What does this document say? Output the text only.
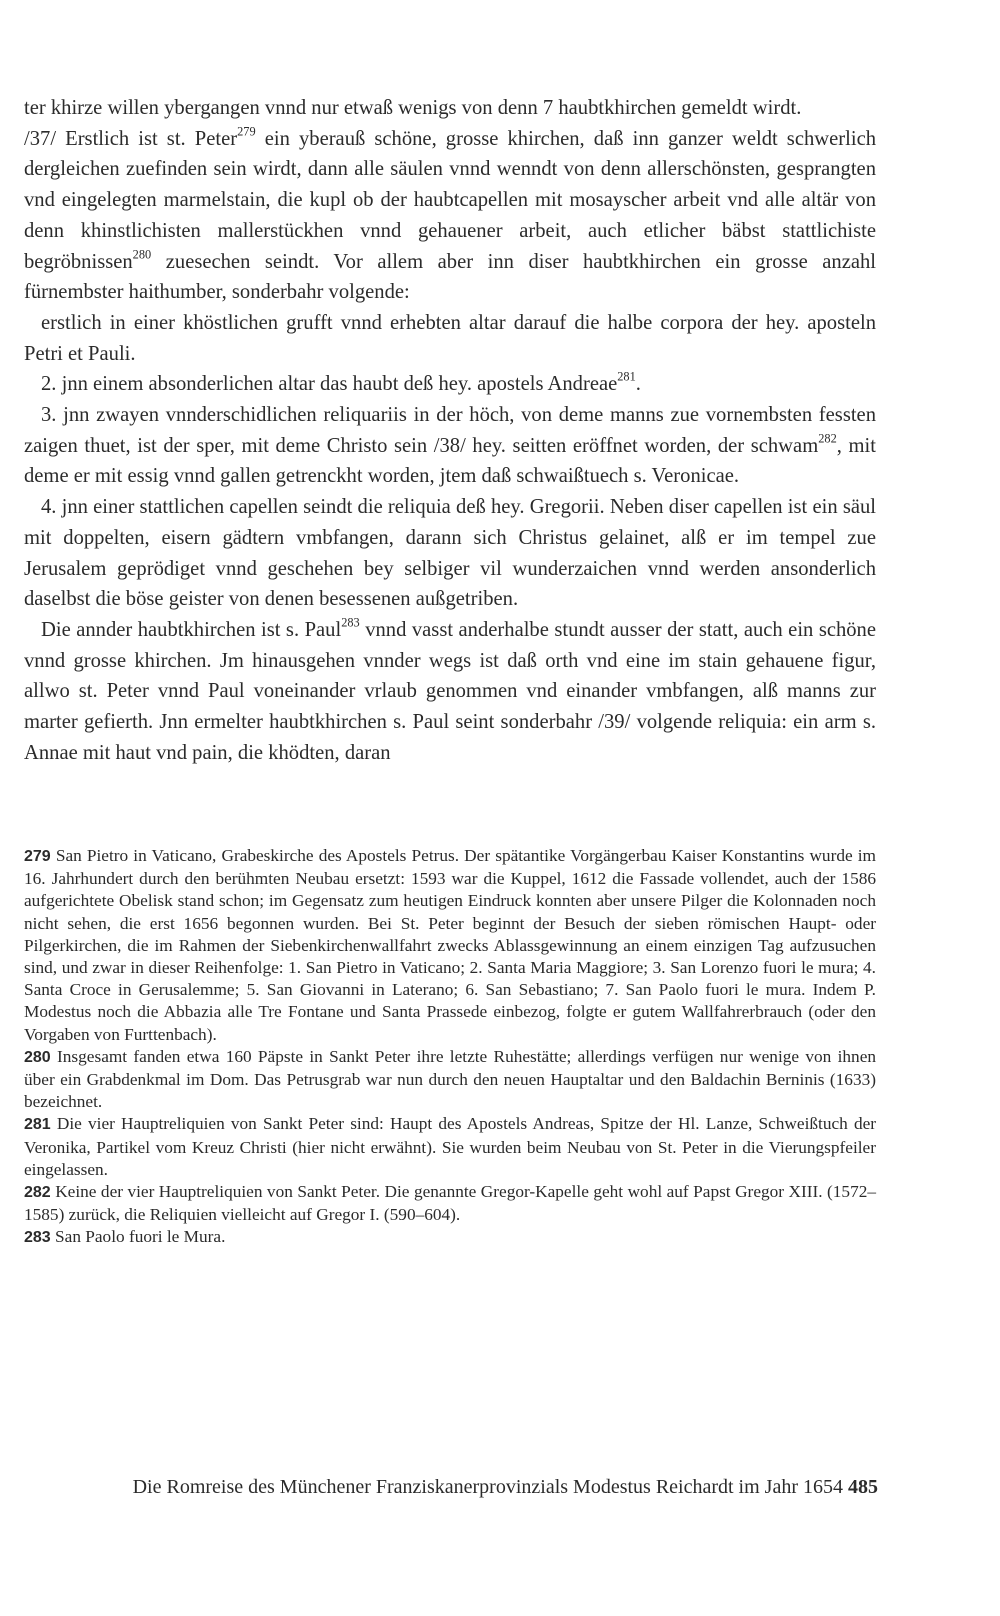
ter khirze willen ybergangen vnnd nur etwaß wenigs von denn 7 haubtkhirchen gemeldt wirdt.

/37/ Erstlich ist st. Peter$^{279}$ ein yberauß schöne, grosse khirchen, daß inn ganzer weldt schwerlich dergleichen zuefinden sein wirdt, dann alle säulen vnnd wenndt von denn allerschönsten, gesprangten vnd eingelegten marmelstain, die kupl ob der haubtcapellen mit mosayscher arbeit vnd alle altär von denn khinstlichisten mallerstückhen vnnd gehauener arbeit, auch etlicher bäbst stattlichiste begröbnissen$^{280}$ zuesechen seindt. Vor allem aber inn diser haubtkhirchen ein grosse anzahl fürnembster haithumber, sonderbahr volgende:

erstlich in einer khöstlichen grufft vnnd erhebten altar darauf die halbe corpora der hey. aposteln Petri et Pauli.

2. jnn einem absonderlichen altar das haubt deß hey. apostels Andreae$^{281}$.

3. jnn zwayen vnnderschidlichen reliquariis in der höch, von deme manns zue vornembsten fessten zaigen thuet, ist der sper, mit deme Christo sein /38/ hey. seitten eröffnet worden, der schwam$^{282}$, mit deme er mit essig vnnd gallen getrenckht worden, jtem daß schwaißtuech s. Veronicae.

4. jnn einer stattlichen capellen seindt die reliquia deß hey. Gregorii. Neben diser capellen ist ein säul mit doppelten, eisern gädtern vmbfangen, darann sich Christus gelainet, alß er im tempel zue Jerusalem geprödiget vnnd geschehen bey selbiger vil wunderzaichen vnnd werden ansonderlich daselbst die böse geister von denen besessenen außgetriben.

Die annder haubtkhirchen ist s. Paul$^{283}$ vnnd vasst anderhalbe stundt ausser der statt, auch ein schöne vnnd grosse khirchen. Jm hinausgehen vnnder wegs ist daß orth vnd eine im stain gehauene figur, allwo st. Peter vnnd Paul voneinander vrlaub genommen vnd einander vmbfangen, alß manns zur marter gefierth. Jnn ermelter haubtkhirchen s. Paul seint sonderbahr /39/ volgende reliquia: ein arm s. Annae mit haut vnd pain, die khödten, daran

279 San Pietro in Vaticano, Grabeskirche des Apostels Petrus. Der spätantike Vorgängerbau Kaiser Konstantins wurde im 16. Jahrhundert durch den berühmten Neubau ersetzt: 1593 war die Kuppel, 1612 die Fassade vollendet, auch der 1586 aufgerichtete Obelisk stand schon; im Gegensatz zum heutigen Eindruck konnten aber unsere Pilger die Kolonnaden noch nicht sehen, die erst 1656 begonnen wurden. Bei St. Peter beginnt der Besuch der sieben römischen Haupt- oder Pilgerkirchen, die im Rahmen der Siebenkirchenwallfahrt zwecks Ablassgewinnung an einem einzigen Tag aufzusuchen sind, und zwar in dieser Reihenfolge: 1. San Pietro in Vaticano; 2. Santa Maria Maggiore; 3. San Lorenzo fuori le mura; 4. Santa Croce in Gerusalemme; 5. San Giovanni in Laterano; 6. San Sebastiano; 7. San Paolo fuori le mura. Indem P. Modestus noch die Abbazia alle Tre Fontane und Santa Prassede einbezog, folgte er gutem Wallfahrerbrauch (oder den Vorgaben von Furttenbach).

280 Insgesamt fanden etwa 160 Päpste in Sankt Peter ihre letzte Ruhestätte; allerdings verfügen nur wenige von ihnen über ein Grabdenkmal im Dom. Das Petrusgrab war nun durch den neuen Hauptaltar und den Baldachin Berninis (1633) bezeichnet.

281 Die vier Hauptreliquien von Sankt Peter sind: Haupt des Apostels Andreas, Spitze der Hl. Lanze, Schweißtuch der Veronika, Partikel vom Kreuz Christi (hier nicht erwähnt). Sie wurden beim Neubau von St. Peter in die Vierungspfeiler eingelassen.

282 Keine der vier Hauptreliquien von Sankt Peter. Die genannte Gregor-Kapelle geht wohl auf Papst Gregor XIII. (1572–1585) zurück, die Reliquien vielleicht auf Gregor I. (590–604).

283 San Paolo fuori le Mura.

Die Romreise des Münchener Franziskanerprovinzials Modestus Reichardt im Jahr 1654 485
